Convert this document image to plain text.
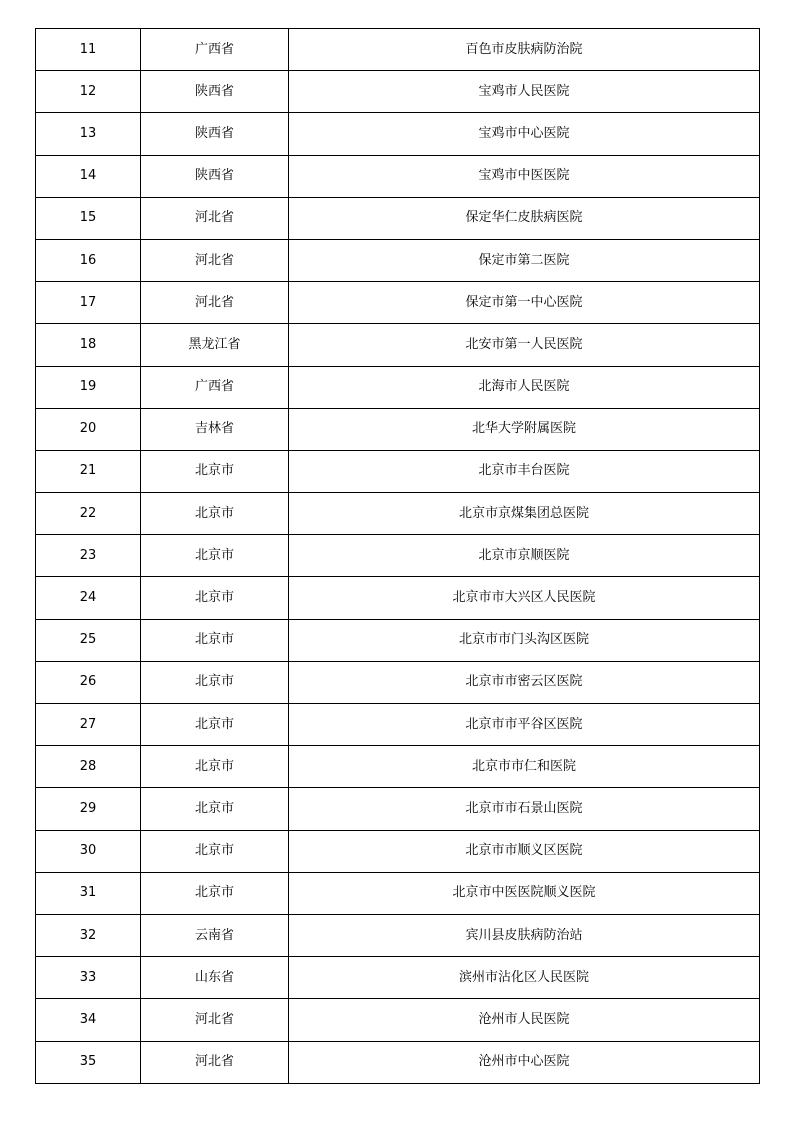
11	广西省	百色市皮肤病防治院
12	陕西省	宝鸡市人民医院
13	陕西省	宝鸡市中心医院
14	陕西省	宝鸡市中医医院
15	河北省	保定华仁皮肤病医院
16	河北省	保定市第二医院
17	河北省	保定市第一中心医院
18	黑龙江省	北安市第一人民医院
19	广西省	北海市人民医院
20	吉林省	北华大学附属医院
21	北京市	北京市丰台医院
22	北京市	北京市京煤集团总医院
23	北京市	北京市京顺医院
24	北京市	北京市市大兴区人民医院
25	北京市	北京市市门头沟区医院
26	北京市	北京市市密云区医院
27	北京市	北京市市平谷区医院
28	北京市	北京市市仁和医院
29	北京市	北京市市石景山医院
30	北京市	北京市市顺义区医院
31	北京市	北京市中医医院顺义医院
32	云南省	宾川县皮肤病防治站
33	山东省	滨州市沾化区人民医院
34	河北省	沧州市人民医院
35	河北省	沧州市中心医院
